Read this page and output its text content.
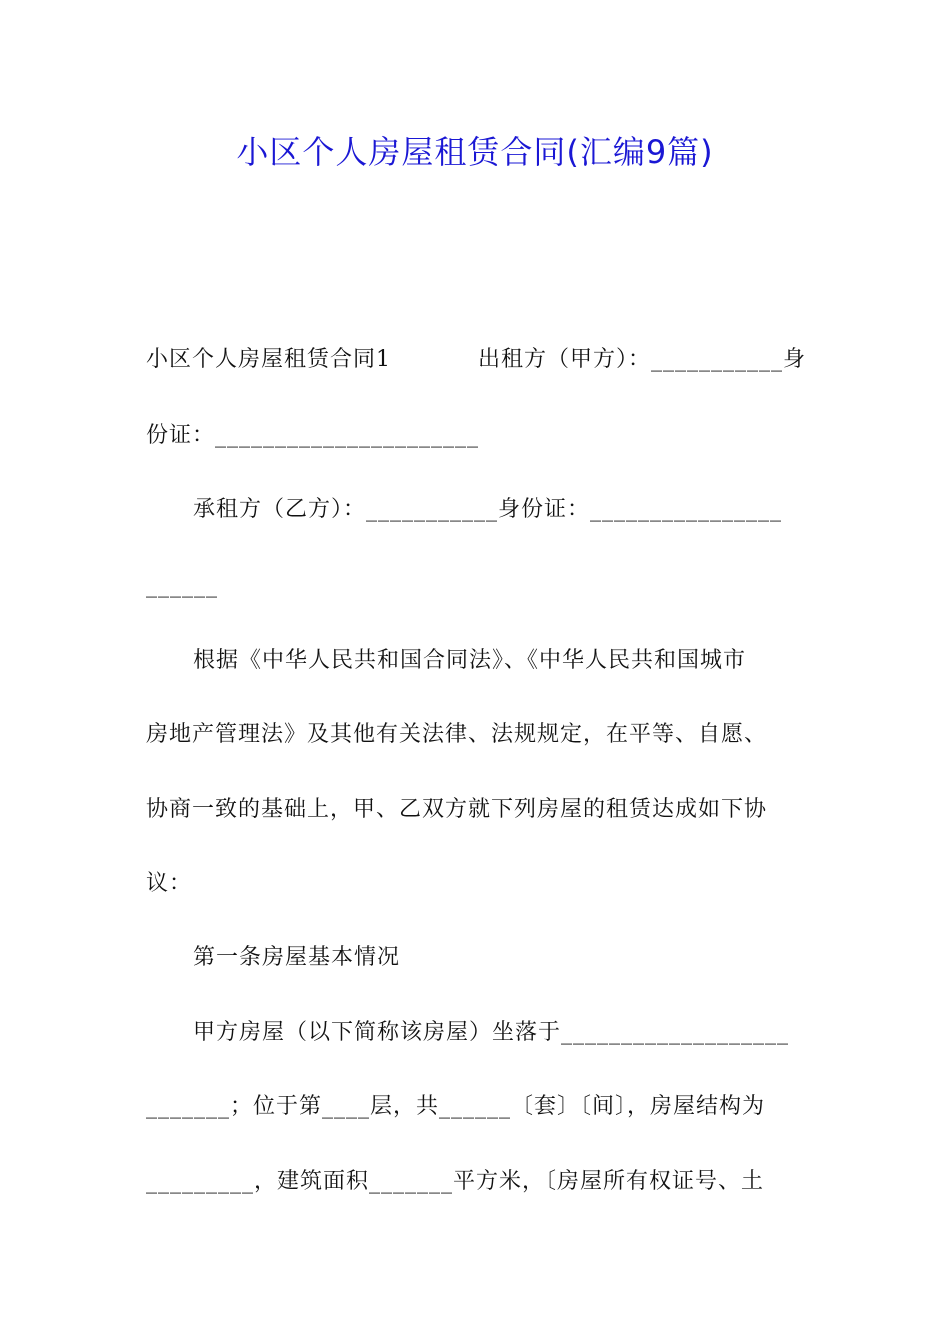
小区个人房屋租赁合同(汇编9篇)
小区个人房屋租赁合同1	出租方（甲方）：___________身
份证：______________________
承租方（乙方）：___________身份证：________________
______
根据《中华人民共和国合同法》、《中华人民共和国城市
房地产管理法》及其他有关法律、法规规定，在平等、自愿、
协商一致的基础上，甲、乙双方就下列房屋的租赁达成如下协
议：
第一条房屋基本情况
甲方房屋（以下简称该房屋）坐落于___________________
_______；位于第____层，共______〔套〕〔间〕，房屋结构为
_________，建筑面积_______平方米，〔房屋所有权证号、土
